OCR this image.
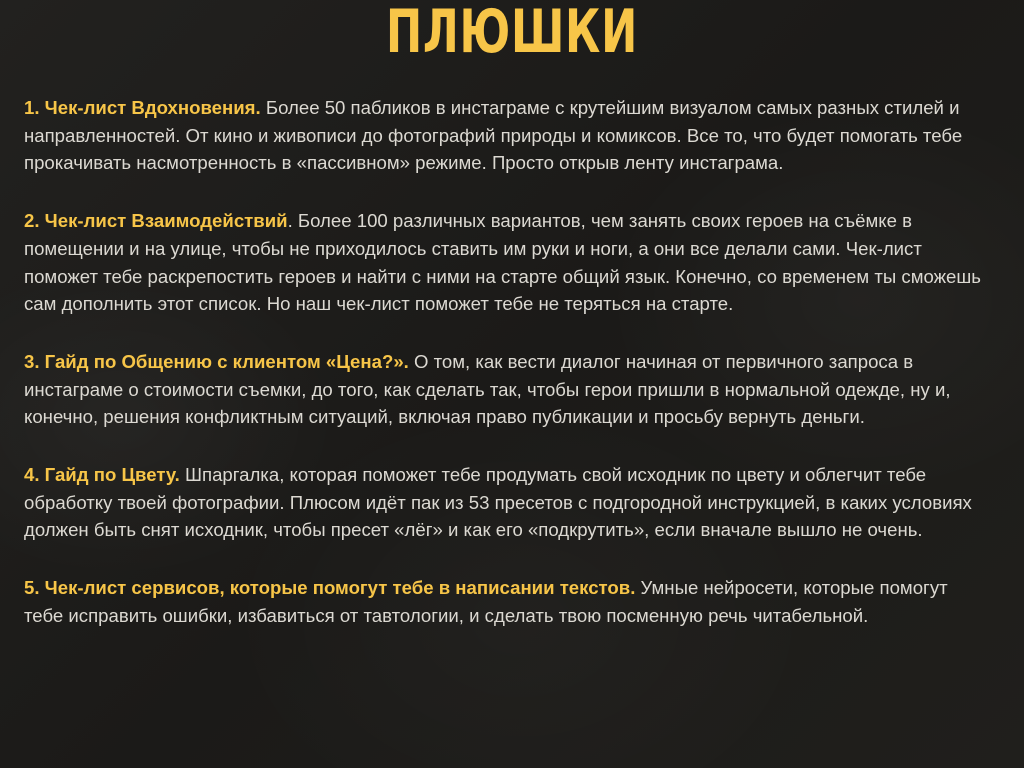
ПЛЮШКИ

1. Чек-лист Вдохновения. Более 50 пабликов в инстаграме с крутейшим визуалом самых разных стилей и направленностей. От кино и живописи до фотографий природы и комиксов. Все то, что будет помогать тебе прокачивать насмотренность в «пассивном» режиме. Просто открыв ленту инстаграма.

2. Чек-лист Взаимодействий. Более 100 различных вариантов, чем занять своих героев на съёмке в помещении и на улице, чтобы не приходилось ставить им руки и ноги, а они все делали сами. Чек-лист поможет тебе раскрепостить героев и найти с ними на старте общий язык. Конечно, со временем ты сможешь сам дополнить этот список. Но наш чек-лист поможет тебе не теряться на старте.

3. Гайд по Общению с клиентом «Цена?». О том, как вести диалог начиная от первичного запроса в инстаграме о стоимости съемки, до того, как сделать так, чтобы герои пришли в нормальной одежде, ну и, конечно, решения конфликтным ситуаций, включая право публикации и просьбу вернуть деньги.

4. Гайд по Цвету. Шпаргалка, которая поможет тебе продумать свой исходник по цвету и облегчит тебе обработку твоей фотографии. Плюсом идёт пак из 53 пресетов с подгородной инструкцией, в каких условиях должен быть снят исходник, чтобы пресет «лёг» и как его «подкрутить», если вначале вышло не очень.

5. Чек-лист сервисов, которые помогут тебе в написании текстов. Умные нейросети, которые помогут тебе исправить ошибки, избавиться от тавтологии, и сделать твою посменную речь читабельной.
